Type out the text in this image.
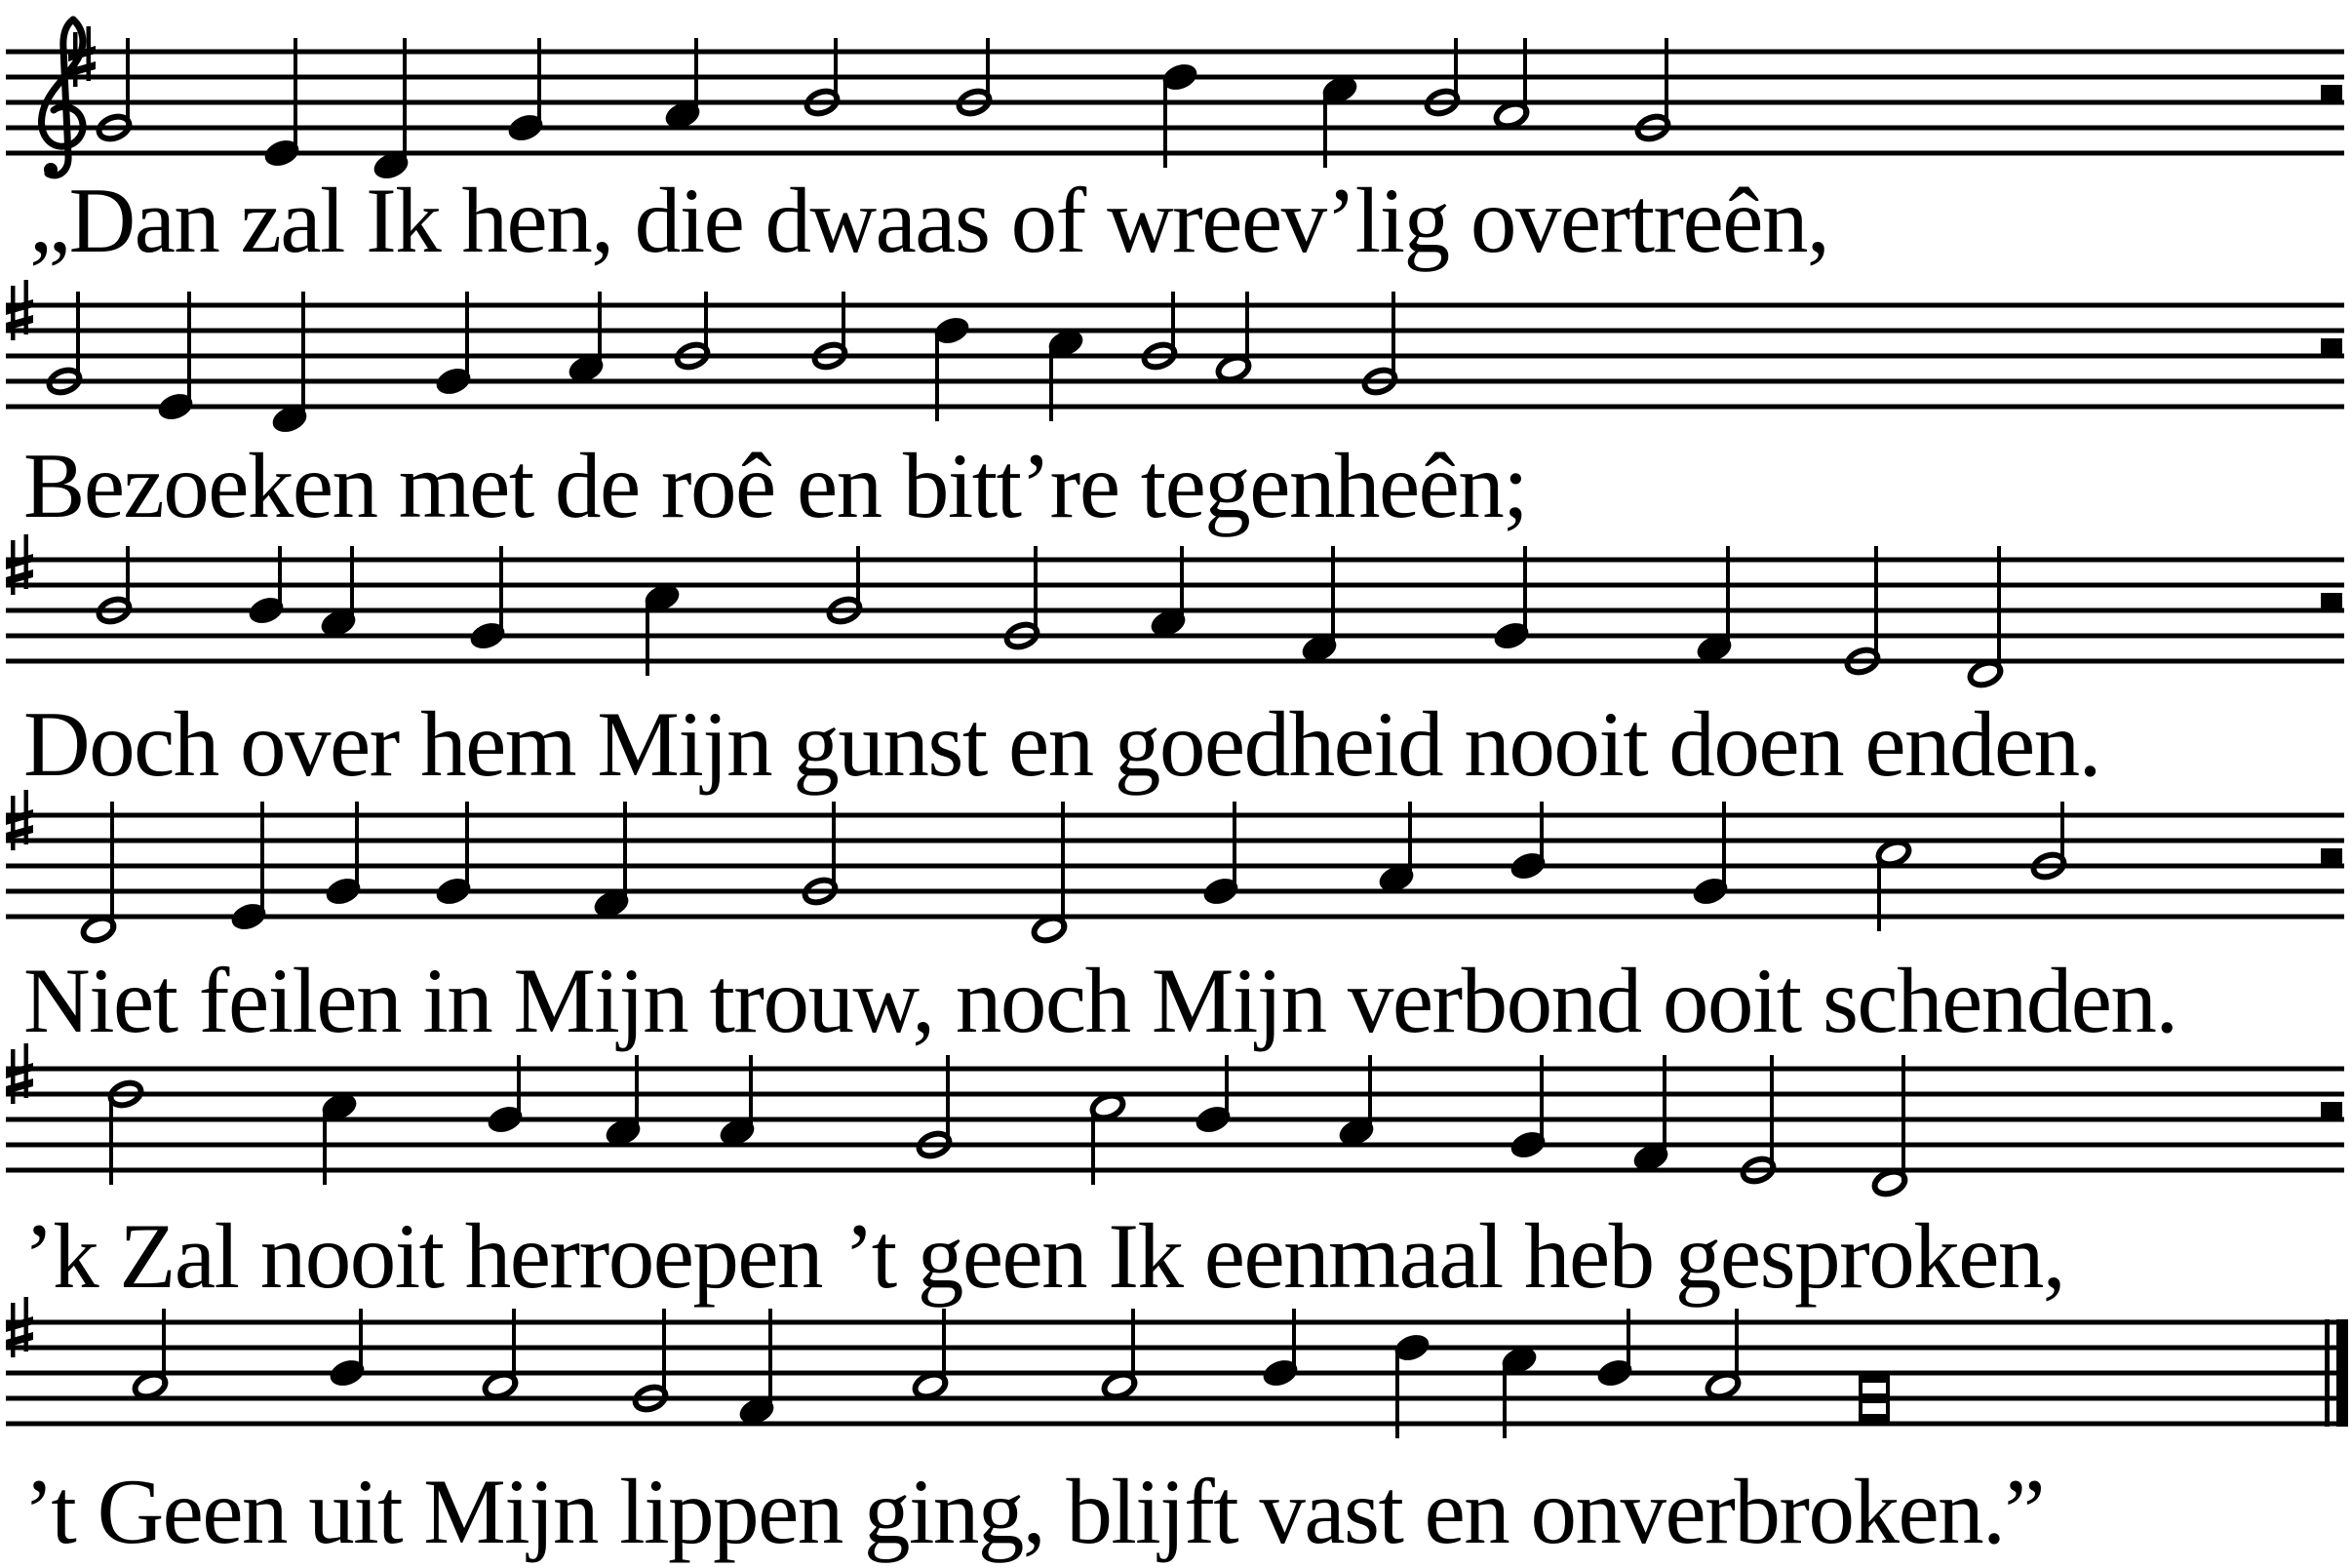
„Dan zal Ik hen, die dwaas of wreev’lig overtreên,
Bezoeken met de roê en bitt’re tegenheên;
Doch over hem Mijn gunst en goedheid nooit doen enden.
Niet feilen in Mijn trouw, noch Mijn verbond ooit schenden.
’k Zal nooit herroepen ’t geen Ik eenmaal heb gesproken,
’t Geen uit Mijn lippen ging, blijft vast en onverbroken.”
